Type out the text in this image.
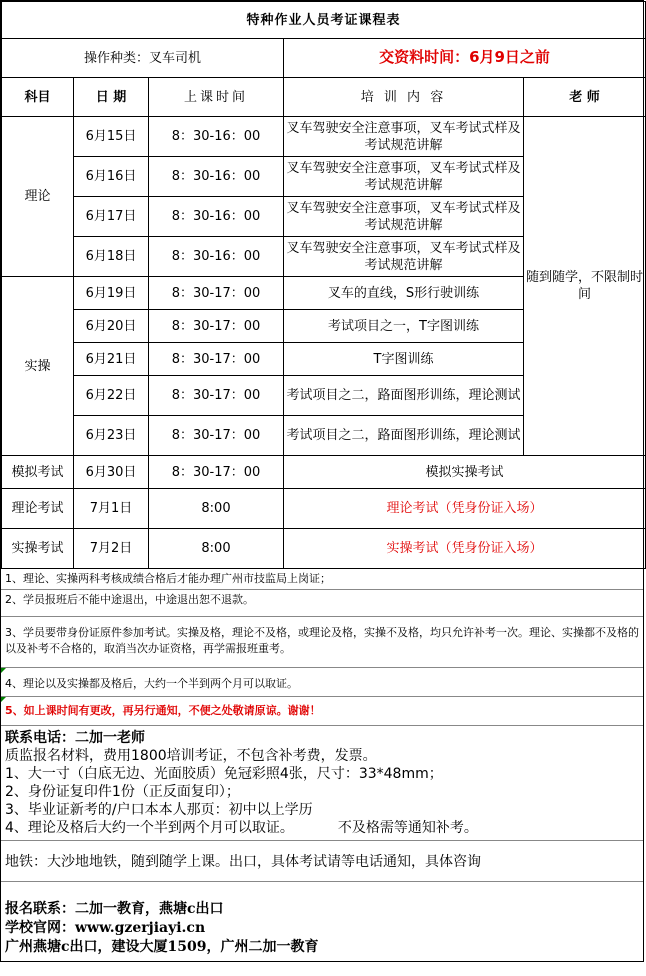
特种作业人员考证课程表				
操作种类：叉车司机			交资料时间：6月9日之前	
科目	日 期	上课时间	培 训 内 容	老 师
理论	6月15日	8：30-16：00	叉车驾驶安全注意事项，叉车考试式样及考试规范讲解	随到随学，不限制时间
	6月16日	8：30-16：00	叉车驾驶安全注意事项，叉车考试式样及考试规范讲解	
	6月17日	8：30-16：00	叉车驾驶安全注意事项，叉车考试式样及考试规范讲解	
	6月18日	8：30-16：00	叉车驾驶安全注意事项，叉车考试式样及考试规范讲解	
实操	6月19日	8：30-17：00	叉车的直线，S形行驶训练	
	6月20日	8：30-17：00	考试项目之一，T字图训练	
	6月21日	8：30-17：00	T字图训练	
	6月22日	8：30-17：00	考试项目之二，路面图形训练，理论测试	
	6月23日	8：30-17：00	考试项目之二，路面图形训练，理论测试	
模拟考试	6月30日	8：30-17：00	模拟实操考试	
理论考试	7月1日	8:00	理论考试（凭身份证入场）	
实操考试	7月2日	8:00	实操考试（凭身份证入场）	
1、理论、实操两科考核成绩合格后才能办理广州市技监局上岗证；
2、学员报班后不能中途退出，中途退出恕不退款。
3、学员要带身份证原件参加考试。实操及格，理论不及格，或理论及格，实操不及格，均只允许补考一次。理论、实操都不及格的以及补考不合格的，取消当次办证资格，再学需报班重考。
4、理论以及实操都及格后，大约一个半到两个月可以取证。
5、如上课时间有更改，再另行通知，不便之处敬请原谅。谢谢！
联系电话：二加一老师
质监报名材料，费用1800培训考证，不包含补考费，发票。
1、大一寸（白底无边、光面胶质）免冠彩照4张，尺寸：33*48mm；
2、身份证复印件1份（正反面复印）；
3、毕业证新考的/户口本本人那页：初中以上学历
4、理论及格后大约一个半到两个月可以取证。	不及格需等通知补考。
地铁：大沙地地铁，随到随学上课。出口，具体考试请等电话通知，具体咨询
报名联系：二加一教育，燕塘c出口
学校官网：www.gzerjiayi.cn
广州燕塘c出口，建设大厦1509，广州二加一教育
